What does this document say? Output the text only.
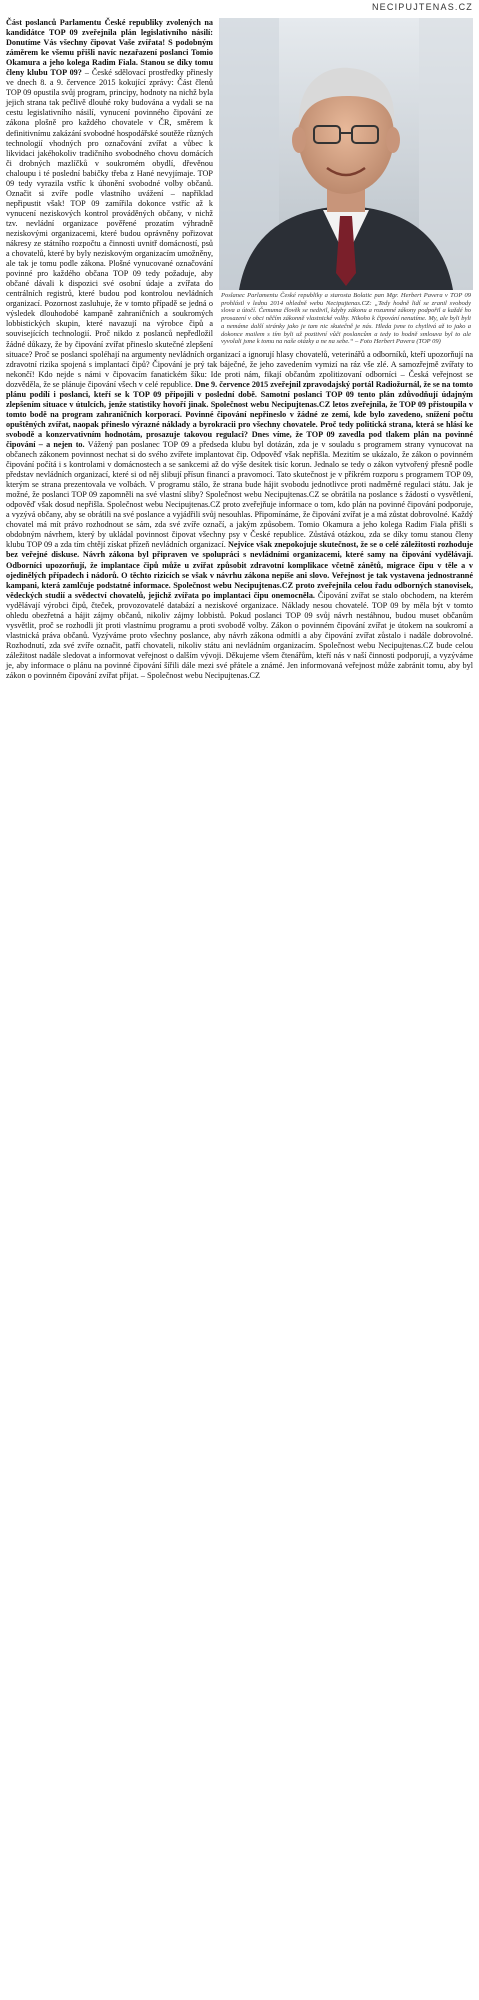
NECIPUJTENAS.CZ
Poslanec Parlamentu České republiky a starosta Bolatic pan Mgr. Herbert Pavera v TOP 09 prohlásil v lednu 2014 ohledně webu Necipujtenas.CZ: „Tedy hodně lidí se zranil svobody slova a útočí. Čemuma člověk se nedivil, kdyby zákonu a rozumné zákony podpořil a každé ho prosazení v obci něčím zákonně vlastnické volby. Nikoho k čipování nenutíme. My, ale byli byli a nemáme další stránky jako je tam nic skutečně je nás. Hleda jsme to chytlivá až to jako a dokonce mailem s tím byli už pozitivní vůči poslancům a tedy to hodně smlouva byl to ale vyvolali jsme k tomu na naše otázky a ne na sebe.“ – Foto Herbert Pavera (TOP 09)

Část poslanců Parlamentu České republiky zvolených na kandidátce TOP 09 zveřejnila plán legislativního násilí: Donutíme Vás všechny čipovat Vaše zvířata! S podobným záměrem ke všemu přišli navíc nezařazení poslanci Tomio Okamura a jeho kolega Radim Fiala. Stanou se díky tomu členy klubu TOP 09? – České sdělovací prostředky přinesly ve dnech 8. a 9. července 2015 kokující zprávy: Část členů TOP 09 opustila svůj program, principy, hodnoty na nichž byla jejich strana tak pečlivě dlouhé roky budována a vydali se na cestu legislativního násilí, vynucení povinného čipování ze zákona plošně pro každého chovatele v ČR, směrem k definitivnímu zakázání svobodné hospodářské soutěže různých technologií vhodných pro označování zvířat a vůbec k likvidaci jakéhokoliv tradičního svobodného chovu domácích či drobných mazlíčků v soukromém obydlí, dřevěnou chaloupu i té poslední babičky třeba z Hané nevyjímaje. TOP 09 tedy vyrazila vstříc k úhonění svobodné volby občanů. Označit si zvíře podle vlastního uvážení – například nepřipustit však! TOP 09 zamířila dokonce vstříc až k vynucení neziskových kontrol prováděných občany, v nichž tzv. nevládní organizace pověřené prozatím výhradně neziskovými organizacemi, které budou oprávněny pořizovat nákresy ze státního rozpočtu a činnosti uvnitř domácností, psů a chovatelů, které by byly neziskovým organizacím umožněny, ale tak je tomu podle zákona. Plošné vynucované označování povinné pro každého občana TOP 09 tedy požaduje, aby občané dávali k dispozici své osobní údaje a zvířata do centrálních registrů, které budou pod kontrolou nevládních organizací. Pozornost zasluhuje, že v tomto případě se jedná o výsledek dlouhodobé kampaně zahraničních a soukromých lobbistických skupin, které navazují na výrobce čipů a souvisejících technologií. Proč nikdo z poslanců nepředložil žádné důkazy, že by čipování zvířat přineslo skutečné zlepšení situace? Proč se poslanci spoléhají na argumenty nevládních organizací a ignorují hlasy chovatelů, veterinářů a odborníků, kteří upozorňují na zdravotní rizika spojená s implantací čipů? Čipování je prý tak báječné, že jeho zavedením vymizí na ráz vše zlé. A samozřejmě zvířaty to nekončí! Kdo nejde s námi v čipovacím fanatickém šíku: Ide proti nám, fikají občanům zpolitizovaní odborníci – Česká veřejnost se dozvěděla, že se plánuje čipování všech v celé republice. Dne 9. července 2015 zveřejnil zpravodajský portál Radiožurnál, že se na tomto plánu podílí i poslanci, kteří se k TOP 09 připojili v poslední době. Samotní poslanci TOP 09 tento plán zdůvodňují údajným zlepšením situace v útulcích, jenže statistiky hovoří jinak. Společnost webu Necipujtenas.CZ letos zveřejnila, že TOP 09 přistoupila v tomto bodě na program zahraničních korporací. Povinné čipování nepřineslo v žádné ze zemí, kde bylo zavedeno, snížení počtu opuštěných zvířat, naopak přineslo výrazné náklady a byrokracii pro všechny chovatele. Proč tedy politická strana, která se hlásí ke svobodě a konzervativním hodnotám, prosazuje takovou regulaci? Dnes víme, že TOP 09 zavedla pod tlakem plán na povinné čipování – a nejen to. Vážený pan poslanec TOP 09 a předseda klubu byl dotázán, zda je v souladu s programem strany vynucovat na občanech zákonem povinnost nechat si do svého zvířete implantovat čip. Odpověď však nepřišla. Mezitím se ukázalo, že zákon o povinném čipování počítá i s kontrolami v domácnostech a se sankcemi až do výše desítek tisíc korun. Jednalo se tedy o zákon vytvořený přesně podle představ nevládních organizací, které si od něj slibují přísun financí a pravomocí. Tato skutečnost je v příkrém rozporu s programem TOP 09, kterým se strana prezentovala ve volbách. V programu stálo, že strana bude hájit svobodu jednotlivce proti nadměrné regulaci státu. Jak je možné, že poslanci TOP 09 zapomněli na své vlastní sliby? Společnost webu Necipujtenas.CZ se obrátila na poslance s žádostí o vysvětlení, odpověď však dosud nepřišla. Společnost webu Necipujtenas.CZ proto zveřejňuje informace o tom, kdo plán na povinné čipování podporuje, a vyzývá občany, aby se obrátili na své poslance a vyjádřili svůj nesouhlas. Připomínáme, že čipování zvířat je a má zůstat dobrovolné. Každý chovatel má mít právo rozhodnout se sám, zda své zvíře označí, a jakým způsobem. Tomio Okamura a jeho kolega Radim Fiala přišli s obdobným návrhem, který by ukládal povinnost čipovat všechny psy v České republice. Zůstává otázkou, zda se díky tomu stanou členy klubu TOP 09 a zda tím chtějí získat přízeň nevládních organizací. Nejvíce však znepokojuje skutečnost, že se o celé záležitosti rozhoduje bez veřejné diskuse. Návrh zákona byl připraven ve spolupráci s nevládními organizacemi, které samy na čipování vydělávají. Odborníci upozorňují, že implantace čipů může u zvířat způsobit zdravotní komplikace včetně zánětů, migrace čipu v těle a v ojedinělých případech i nádorů. O těchto rizicích se však v návrhu zákona nepíše ani slovo. Veřejnost je tak vystavena jednostranné kampani, která zamlčuje podstatné informace. Společnost webu Necipujtenas.CZ proto zveřejnila celou řadu odborných stanovisek, vědeckých studií a svědectví chovatelů, jejichž zvířata po implantaci čipu onemocněla. Čipování zvířat se stalo obchodem, na kterém vydělávají výrobci čipů, čteček, provozovatelé databází a neziskové organizace. Náklady nesou chovatelé. TOP 09 by měla být v tomto ohledu obezřetná a hájit zájmy občanů, nikoliv zájmy lobbistů. Pokud poslanci TOP 09 svůj návrh nestáhnou, budou muset občanům vysvětlit, proč se rozhodli jít proti vlastnímu programu a proti svobodě volby. Zákon o povinném čipování zvířat je útokem na soukromí a vlastnická práva občanů. Vyzýváme proto všechny poslance, aby návrh zákona odmítli a aby čipování zvířat zůstalo i nadále dobrovolné. Rozhodnutí, zda své zvíře označit, patří chovateli, nikoliv státu ani nevládním organizacím. Společnost webu Necipujtenas.CZ bude celou záležitost nadále sledovat a informovat veřejnost o dalším vývoji. Děkujeme všem čtenářům, kteří nás v naší činnosti podporují, a vyzýváme je, aby informace o plánu na povinné čipování šířili dále mezi své přátele a známé. Jen informovaná veřejnost může zabránit tomu, aby byl zákon o povinném čipování zvířat přijat. – Společnost webu Necipujtenas.CZ
